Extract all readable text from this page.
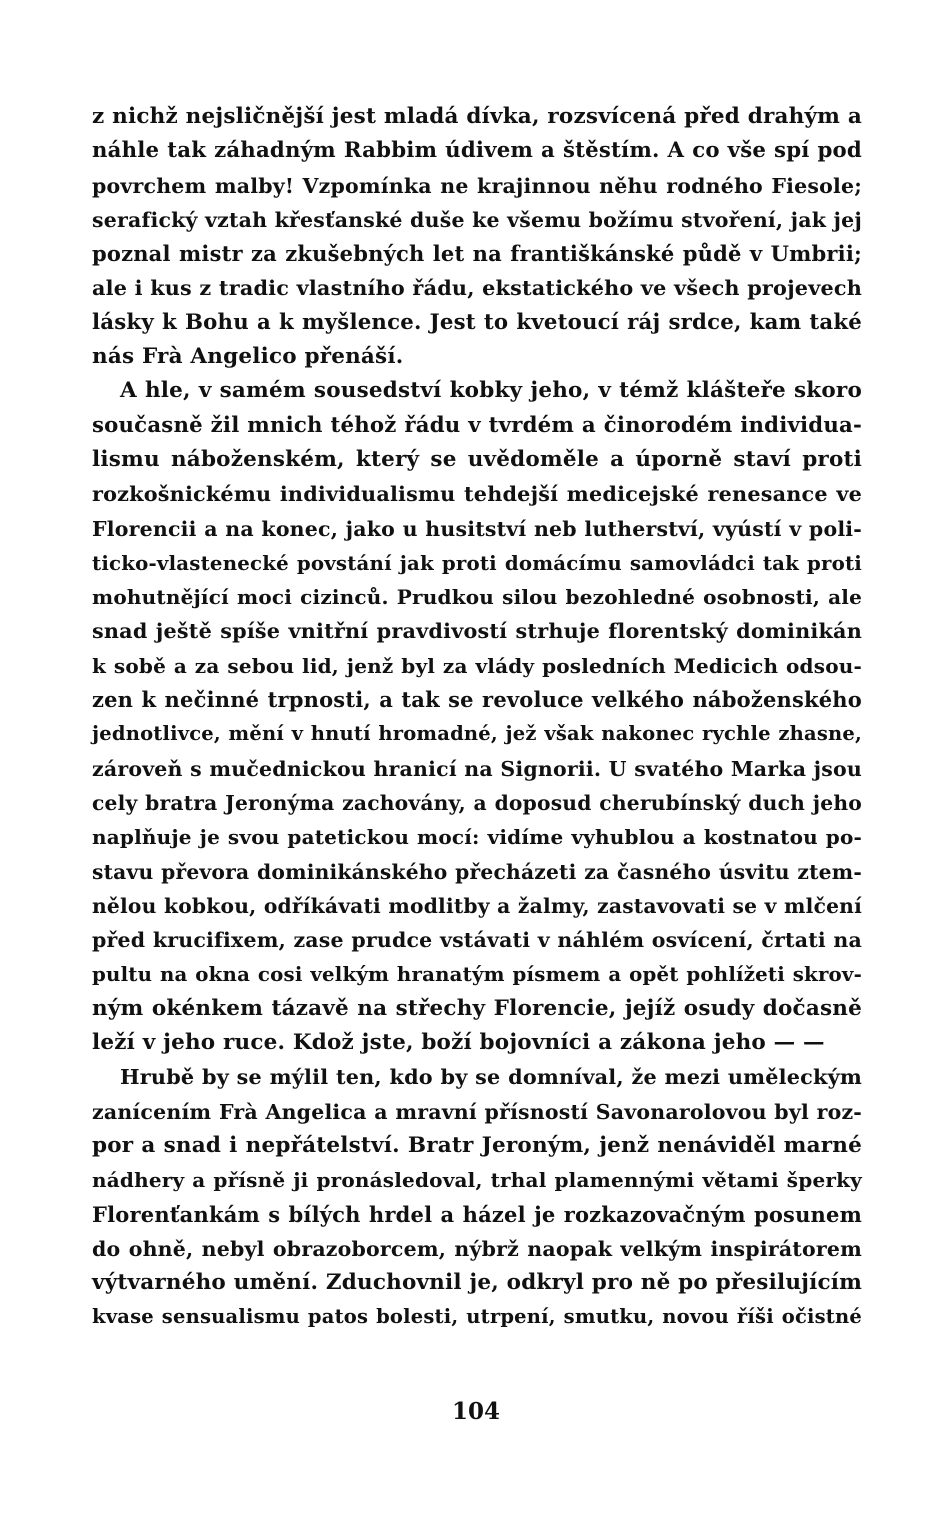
z nichž nejsličnější jest mladá dívka, rozsvícená před drahým a
náhle tak záhadným Rabbim údivem a štěstím. A co vše spí pod
povrchem malby! Vzpomínka ne krajinnou něhu rodného Fiesole;
serafický vztah křesťanské duše ke všemu božímu stvoření, jak jej
poznal mistr za zkušebných let na františkánské půdě v Umbrii;
ale i kus z tradic vlastního řádu, ekstatického ve všech projevech
lásky k Bohu a k myšlence. Jest to kvetoucí ráj srdce, kam také
nás Frà Angelico přenáší.
A hle, v samém sousedství kobky jeho, v témž klášteře skoro
současně žil mnich téhož řádu v tvrdém a činorodém individua-
lismu náboženském, který se uvědoměle a úporně staví proti
rozkošnickému individualismu tehdejší medicejské renesance ve
Florencii a na konec, jako u husitství neb lutherství, vyústí v poli-
ticko-vlastenecké povstání jak proti domácímu samovládci tak proti
mohutnějící moci cizinců. Prudkou silou bezohledné osobnosti, ale
snad ještě spíše vnitřní pravdivostí strhuje florentský dominikán
k sobě a za sebou lid, jenž byl za vlády posledních Medicich odsou-
zen k nečinné trpnosti, a tak se revoluce velkého náboženského
jednotlivce, mění v hnutí hromadné, jež však nakonec rychle zhasne,
zároveň s mučednickou hranicí na Signorii. U svatého Marka jsou
cely bratra Jeronýma zachovány, a doposud cherubínský duch jeho
naplňuje je svou patetickou mocí: vidíme vyhublou a kostnatou po-
stavu převora dominikánského přecházeti za časného úsvitu ztem-
nělou kobkou, odříkávati modlitby a žalmy, zastavovati se v mlčení
před krucifixem, zase prudce vstávati v náhlém osvícení, črtati na
pultu na okna cosi velkým hranatým písmem a opět pohlížeti skrov-
ným okénkem tázavě na střechy Florencie, jejíž osudy dočasně
leží v jeho ruce. Kdož jste, boží bojovníci a zákona jeho — —
Hrubě by se mýlil ten, kdo by se domníval, že mezi uměleckým
zanícením Frà Angelica a mravní přísností Savonarolovou byl roz-
por a snad i nepřátelství. Bratr Jeroným, jenž nenáviděl marné
nádhery a přísně ji pronásledoval, trhal plamennými větami šperky
Florenťankám s bílých hrdel a házel je rozkazovačným posunem
do ohně, nebyl obrazoborcem, nýbrž naopak velkým inspirátorem
výtvarného umění. Zduchovnil je, odkryl pro ně po přesilujícím
kvase sensualismu patos bolesti, utrpení, smutku, novou říši očistné
104
